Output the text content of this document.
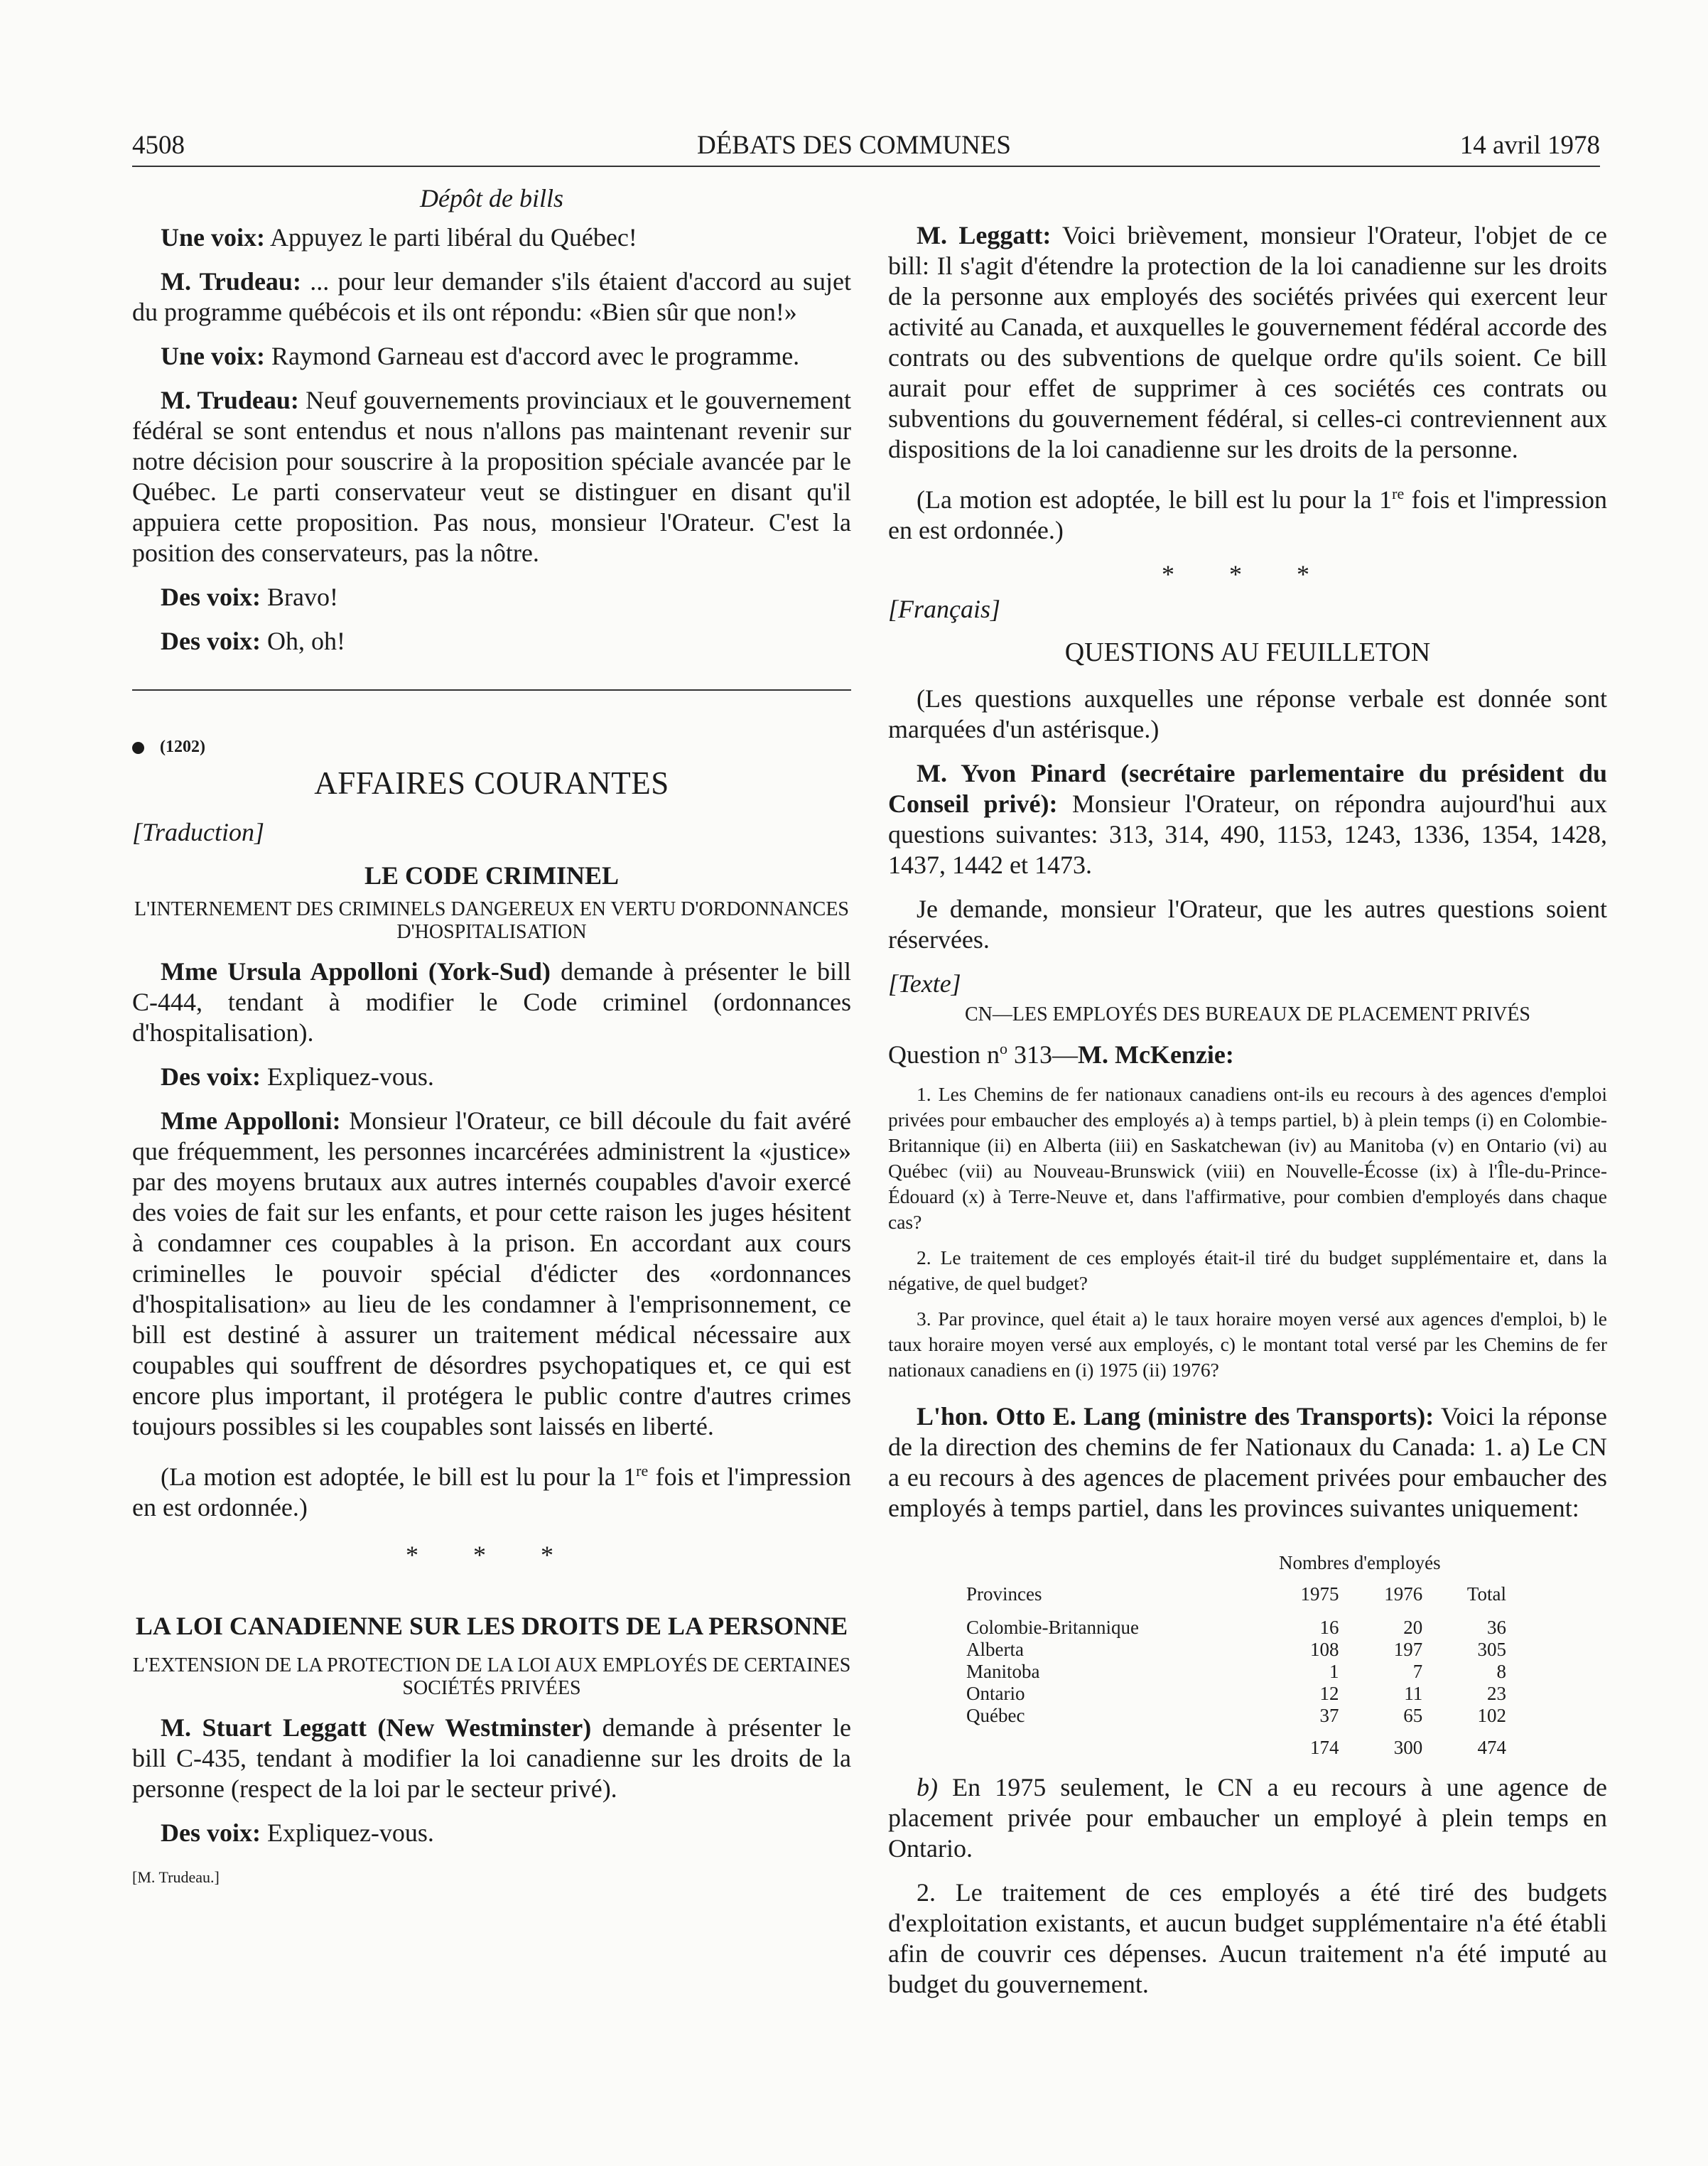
4508	DÉBATS DES COMMUNES	14 avril 1978
Dépôt de bills

Une voix: Appuyez le parti libéral du Québec!

M. Trudeau: ... pour leur demander s'ils étaient d'accord au sujet du programme québécois et ils ont répondu: «Bien sûr que non!»

Une voix: Raymond Garneau est d'accord avec le programme.

M. Trudeau: Neuf gouvernements provinciaux et le gouvernement fédéral se sont entendus et nous n'allons pas maintenant revenir sur notre décision pour souscrire à la proposition spéciale avancée par le Québec. Le parti conservateur veut se distinguer en disant qu'il appuiera cette proposition. Pas nous, monsieur l'Orateur. C'est la position des conservateurs, pas la nôtre.

Des voix: Bravo!

Des voix: Oh, oh!

(1202)
AFFAIRES COURANTES

[Traduction]

LE CODE CRIMINEL
L'INTERNEMENT DES CRIMINELS DANGEREUX EN VERTU D'ORDONNANCES D'HOSPITALISATION

Mme Ursula Appolloni (York-Sud) demande à présenter le bill C-444, tendant à modifier le Code criminel (ordonnances d'hospitalisation).

Des voix: Expliquez-vous.

Mme Appolloni: Monsieur l'Orateur, ce bill découle du fait avéré que fréquemment, les personnes incarcérées administrent la «justice» par des moyens brutaux aux autres internés coupables d'avoir exercé des voies de fait sur les enfants, et pour cette raison les juges hésitent à condamner ces coupables à la prison. En accordant aux cours criminelles le pouvoir spécial d'édicter des «ordonnances d'hospitalisation» au lieu de les condamner à l'emprisonnement, ce bill est destiné à assurer un traitement médical nécessaire aux coupables qui souffrent de désordres psychopatiques et, ce qui est encore plus important, il protégera le public contre d'autres crimes toujours possibles si les coupables sont laissés en liberté.

(La motion est adoptée, le bill est lu pour la 1re fois et l'impression en est ordonnée.)

* * *
LA LOI CANADIENNE SUR LES DROITS DE LA PERSONNE
L'EXTENSION DE LA PROTECTION DE LA LOI AUX EMPLOYÉS DE CERTAINES SOCIÉTÉS PRIVÉES

M. Stuart Leggatt (New Westminster) demande à présenter le bill C-435, tendant à modifier la loi canadienne sur les droits de la personne (respect de la loi par le secteur privé).

Des voix: Expliquez-vous.

[M. Trudeau.]

M. Leggatt: Voici brièvement, monsieur l'Orateur, l'objet de ce bill: Il s'agit d'étendre la protection de la loi canadienne sur les droits de la personne aux employés des sociétés privées qui exercent leur activité au Canada, et auxquelles le gouvernement fédéral accorde des contrats ou des subventions de quelque ordre qu'ils soient. Ce bill aurait pour effet de supprimer à ces sociétés ces contrats ou subventions du gouvernement fédéral, si celles-ci contreviennent aux dispositions de la loi canadienne sur les droits de la personne.

(La motion est adoptée, le bill est lu pour la 1re fois et l'impression en est ordonnée.)

* * *

[Français]

QUESTIONS AU FEUILLETON

(Les questions auxquelles une réponse verbale est donnée sont marquées d'un astérisque.)

M. Yvon Pinard (secrétaire parlementaire du président du Conseil privé): Monsieur l'Orateur, on répondra aujourd'hui aux questions suivantes: 313, 314, 490, 1153, 1243, 1336, 1354, 1428, 1437, 1442 et 1473.

Je demande, monsieur l'Orateur, que les autres questions soient réservées.

[Texte]

CN—LES EMPLOYÉS DES BUREAUX DE PLACEMENT PRIVÉS
Question $n^o$ 313—M. McKenzie:

1. Les Chemins de fer nationaux canadiens ont-ils eu recours à des agences d'emploi privées pour embaucher des employés a) à temps partiel, b) à plein temps (i) en Colombie-Britannique (ii) en Alberta (iii) en Saskatchewan (iv) au Manitoba (v) en Ontario (vi) au Québec (vii) au Nouveau-Brunswick (viii) en Nouvelle-Écosse (ix) à l'Île-du-Prince-Édouard (x) à Terre-Neuve et, dans l'affirmative, pour combien d'employés dans chaque cas?

2. Le traitement de ces employés était-il tiré du budget supplémentaire et, dans la négative, de quel budget?

3. Par province, quel était a) le taux horaire moyen versé aux agences d'emploi, b) le taux horaire moyen versé aux employés, c) le montant total versé par les Chemins de fer nationaux canadiens en (i) 1975 (ii) 1976?

L'hon. Otto E. Lang (ministre des Transports): Voici la réponse de la direction des chemins de fer Nationaux du Canada: 1. a) Le CN a eu recours à des agences de placement privées pour embaucher des employés à temps partiel, dans les provinces suivantes uniquement:

Nombres d'employés
Provinces	1975	1976	Total
Colombie-Britannique	16	20	36
Alberta	108	197	305
Manitoba	1	7	8
Ontario	12	11	23
Québec	37	65	102

	174	300	474

b) En 1975 seulement, le CN a eu recours à une agence de placement privée pour embaucher un employé à plein temps en Ontario.

2. Le traitement de ces employés a été tiré des budgets d'exploitation existants, et aucun budget supplémentaire n'a été établi afin de couvrir ces dépenses. Aucun traitement n'a été imputé au budget du gouvernement.
